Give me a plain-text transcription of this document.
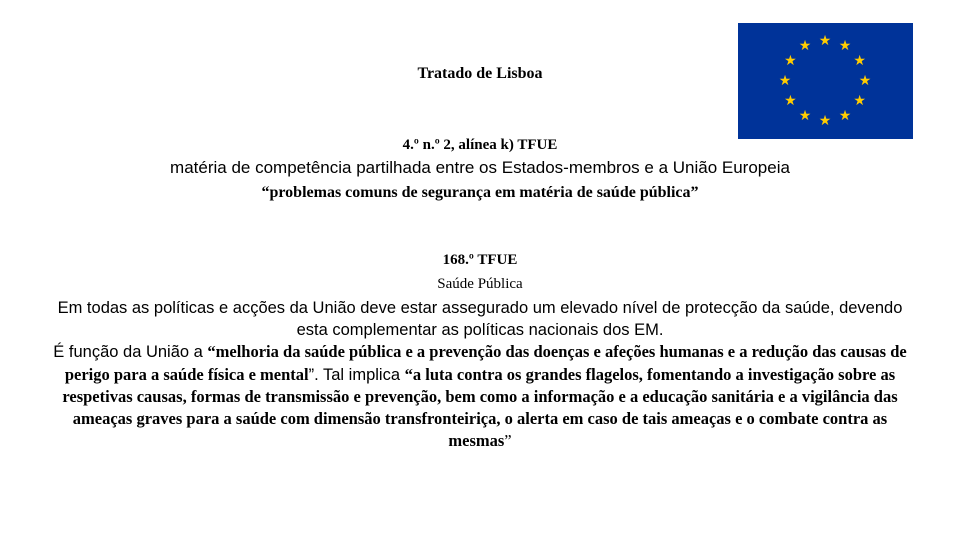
Tratado de Lisboa
★ ★
★
★
★
★
★
★
★
★
★
★
4.º n.º 2, alínea k) TFUE
matéria de competência partilhada entre os Estados-membros e a União Europeia
“problemas comuns de segurança em matéria de saúde pública”
168.º TFUE
Saúde Pública

Em todas as políticas e acções da União deve estar assegurado um elevado nível de protecção da saúde, devendo esta complementar as políticas nacionais dos EM.

É função da União a “melhoria da saúde pública e a prevenção das doenças e afeções humanas e a redução das causas de perigo para a saúde física e mental”. Tal implica “a luta contra os grandes flagelos, fomentando a investigação sobre as respetivas causas, formas de transmissão e prevenção, bem como a informação e a educação sanitária e a vigilância das ameaças graves para a saúde com dimensão transfronteiriça, o alerta em caso de tais ameaças e o combate contra as mesmas”
